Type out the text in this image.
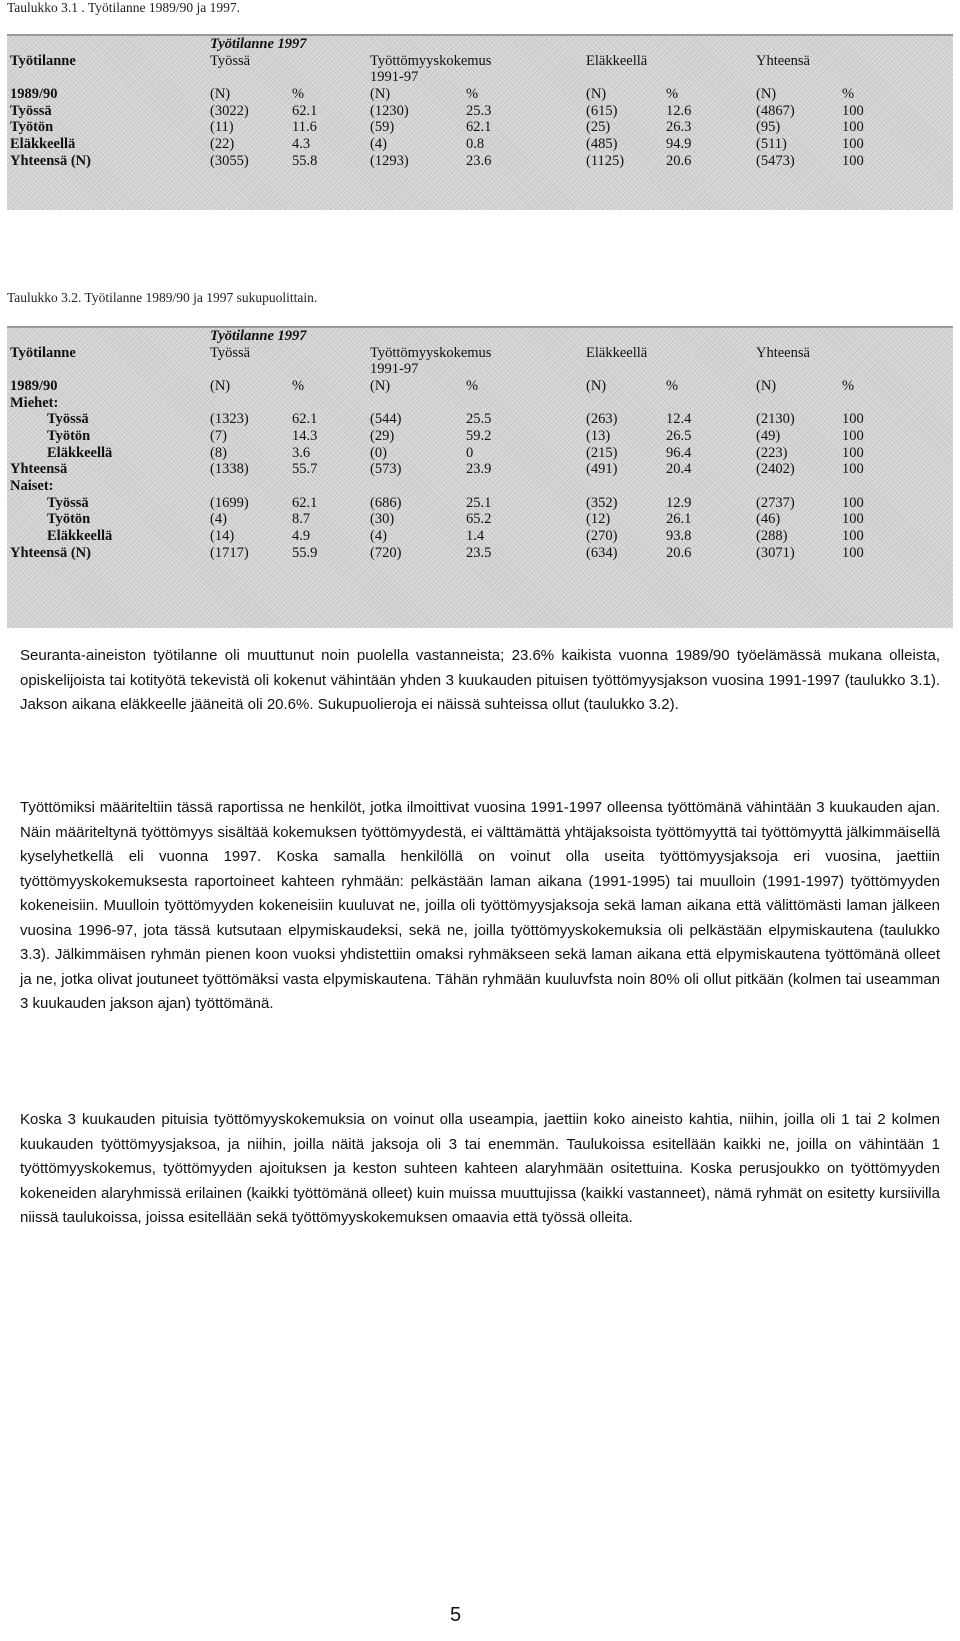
Taulukko 3.1 . Työtilanne 1989/90 ja 1997.
	Työtilanne 1997							
Työtilanne	Työssä		Työttömyyskokemus		Eläkkeellä		Yhteensä	
			1991-97					
1989/90	(N)	%	(N)	%	(N)	%	(N)	%
Työssä	(3022)	62.1	(1230)	25.3	(615)	12.6	(4867)	100
Työtön	(11)	11.6	(59)	62.1	(25)	26.3	(95)	100
Eläkkeellä	(22)	4.3	(4)	0.8	(485)	94.9	(511)	100
Yhteensä (N)	(3055)	55.8	(1293)	23.6	(1125)	20.6	(5473)	100
Taulukko 3.2. Työtilanne 1989/90 ja 1997 sukupuolittain.
	Työtilanne 1997							
Työtilanne	Työssä		Työttömyyskokemus		Eläkkeellä		Yhteensä	
			1991-97					
1989/90	(N)	%	(N)	%	(N)	%	(N)	%
Miehet:								
Työssä	(1323)	62.1	(544)	25.5	(263)	12.4	(2130)	100
Työtön	(7)	14.3	(29)	59.2	(13)	26.5	(49)	100
Eläkkeellä	(8)	3.6	(0)	0	(215)	96.4	(223)	100
Yhteensä	(1338)	55.7	(573)	23.9	(491)	20.4	(2402)	100
Naiset:								
Työssä	(1699)	62.1	(686)	25.1	(352)	12.9	(2737)	100
Työtön	(4)	8.7	(30)	65.2	(12)	26.1	(46)	100
Eläkkeellä	(14)	4.9	(4)	1.4	(270)	93.8	(288)	100
Yhteensä (N)	(1717)	55.9	(720)	23.5	(634)	20.6	(3071)	100

Seuranta-aineiston työtilanne oli muuttunut noin puolella vastanneista; 23.6% kaikista vuonna 1989/90 työelämässä mukana olleista, opiskelijoista tai kotityötä tekevistä oli kokenut vähintään yhden 3 kuukauden pituisen työttömyysjakson vuosina 1991-1997 (taulukko 3.1). Jakson aikana eläkkeelle jääneitä oli 20.6%. Sukupuolieroja ei näissä suhteissa ollut (taulukko 3.2).

Työttömiksi määriteltiin tässä raportissa ne henkilöt, jotka ilmoittivat vuosina 1991-1997 olleensa työttömänä vähintään 3 kuukauden ajan. Näin määriteltynä työttömyys sisältää kokemuksen työttömyydestä, ei välttämättä yhtäjaksoista työttömyyttä tai työttömyyttä jälkimmäisellä kyselyhetkellä eli vuonna 1997. Koska samalla henkilöllä on voinut olla useita työttömyysjaksoja eri vuosina, jaettiin työttömyyskokemuksesta raportoineet kahteen ryhmään: pelkästään laman aikana (1991-1995) tai muulloin (1991-1997) työttömyyden kokeneisiin. Muulloin työttömyyden kokeneisiin kuuluvat ne, joilla oli työttömyysjaksoja sekä laman aikana että välittömästi laman jälkeen vuosina 1996-97, jota tässä kutsutaan elpymiskaudeksi, sekä ne, joilla työttömyyskokemuksia oli pelkästään elpymiskautena (taulukko 3.3). Jälkimmäisen ryhmän pienen koon vuoksi yhdistettiin omaksi ryhmäkseen sekä laman aikana että elpymiskautena työttömänä olleet ja ne, jotka olivat joutuneet työttömäksi vasta elpymiskautena. Tähän ryhmään kuuluvfsta noin 80% oli ollut pitkään (kolmen tai useamman 3 kuukauden jakson ajan) työttömänä.

Koska 3 kuukauden pituisia työttömyyskokemuksia on voinut olla useampia, jaettiin koko aineisto kahtia, niihin, joilla oli 1 tai 2 kolmen kuukauden työttömyysjaksoa, ja niihin, joilla näitä jaksoja oli 3 tai enemmän. Taulukoissa esitellään kaikki ne, joilla on vähintään 1 työttömyyskokemus, työttömyyden ajoituksen ja keston suhteen kahteen alaryhmään ositettuina. Koska perusjoukko on työttömyyden kokeneiden alaryhmissä erilainen (kaikki työttömänä olleet) kuin muissa muuttujissa (kaikki vastanneet), nämä ryhmät on esitetty kursiivilla niissä taulukoissa, joissa esitellään sekä työttömyyskokemuksen omaavia että työssä olleita.

5
